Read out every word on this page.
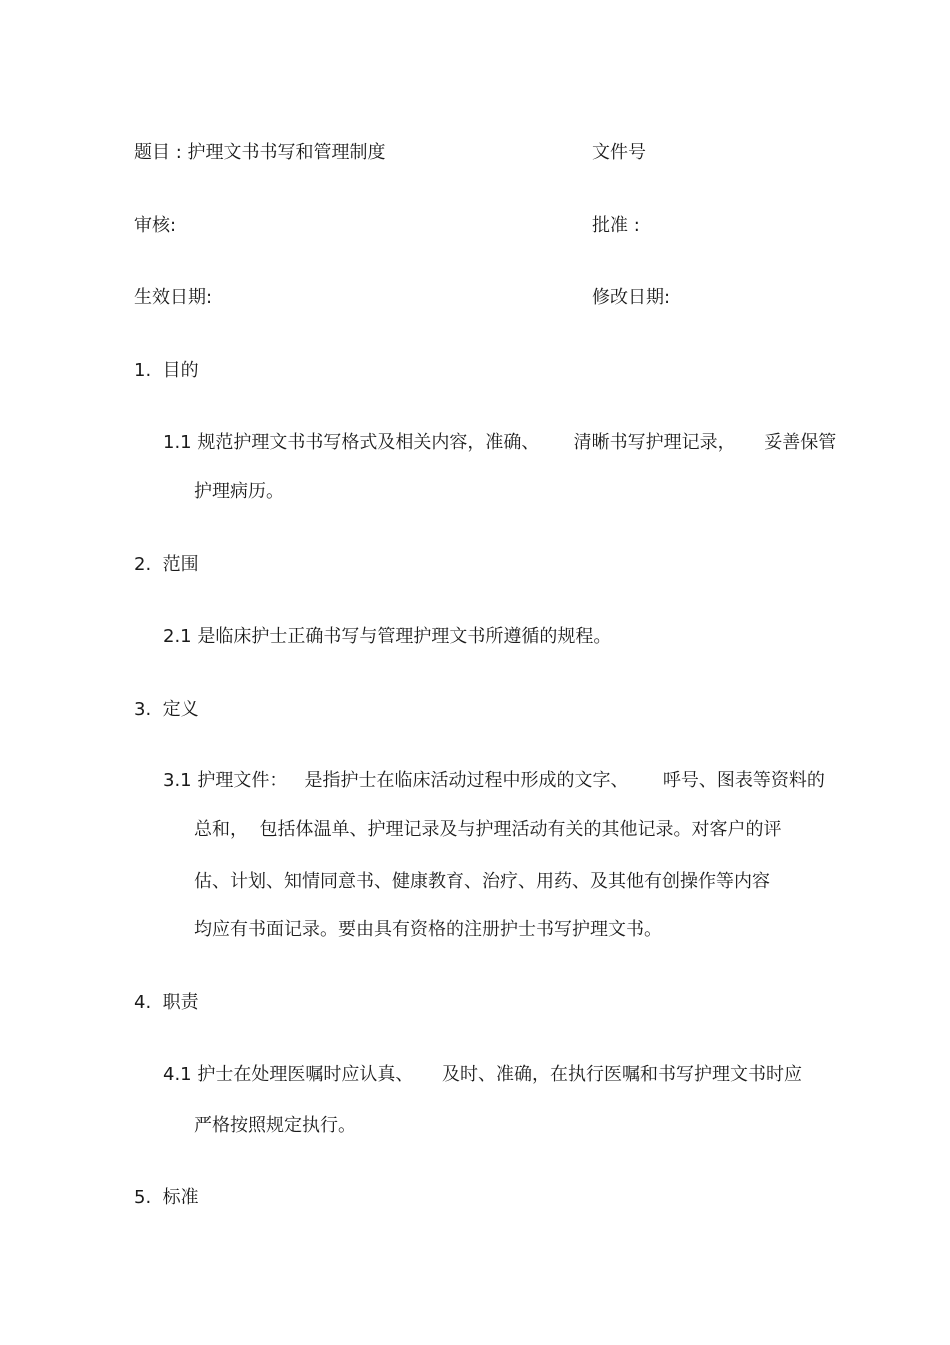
题目 : 护理文书书写和管理制度	文件号

审核:	批准 :

生效日期:	修改日期:

1.  目的

1.1 规范护理文书书写格式及相关内容，准确、      清晰书写护理记录，     妥善保管

护理病历。

2.  范围

2.1 是临床护士正确书写与管理护理文书所遵循的规程。

3.  定义

3.1 护理文件：   是指护士在临床活动过程中形成的文字、      呼号、图表等资料的

总和，  包括体温单、护理记录及与护理活动有关的其他记录。对客户的评

估、计划、知情同意书、健康教育、治疗、用药、及其他有创操作等内容

均应有书面记录。要由具有资格的注册护士书写护理文书。

4.  职责

4.1 护士在处理医嘱时应认真、     及时、准确，在执行医嘱和书写护理文书时应

严格按照规定执行。

5.  标准
